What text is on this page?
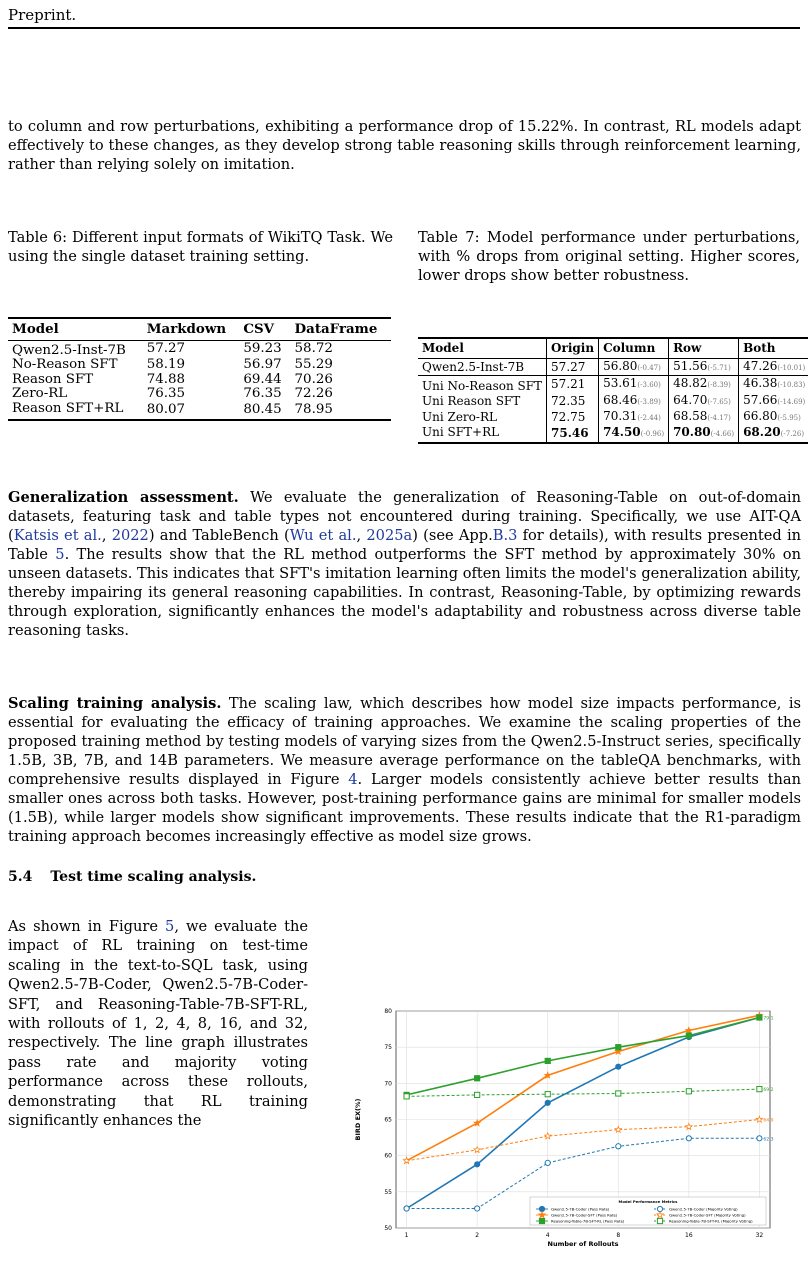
Preprint.

to column and row perturbations, exhibiting a performance drop of 15.22%. In contrast, RL models adapt effectively to these changes, as they develop strong table reasoning skills through reinforcement learning, rather than relying solely on imitation.

Table 6: Different input formats of WikiTQ Task. We using the single dataset training setting.
Model	Markdown	CSV	DataFrame
Qwen2.5-Inst-7B	57.27	59.23	58.72
No-Reason SFT	58.19	56.97	55.29
Reason SFT	74.88	69.44	70.26
Zero-RL	76.35	76.35	72.26
Reason SFT+RL	80.07	80.45	78.95
Table 7: Model performance under perturbations, with % drops from original setting. Higher scores, lower drops show better robustness.
Model	Origin	Column	Row	Both
Qwen2.5-Inst-7B	57.27	56.80(-0.47)	51.56(-5.71)	47.26(-10.01)
Uni No-Reason SFT	57.21	53.61(-3.60)	48.82(-8.39)	46.38(-10.83)
Uni Reason SFT	72.35	68.46(-3.89)	64.70(-7.65)	57.66(-14.69)
Uni Zero-RL	72.75	70.31(-2.44)	68.58(-4.17)	66.80(-5.95)
Uni SFT+RL	75.46	74.50(-0.96)	70.80(-4.66)	68.20(-7.26)

Generalization assessment. We evaluate the generalization of Reasoning-Table on out-of-domain datasets, featuring task and table types not encountered during training. Specifically, we use AIT-QA (Katsis et al., 2022) and TableBench (Wu et al., 2025a) (see App.B.3 for details), with results presented in Table 5. The results show that the RL method outperforms the SFT method by approximately 30% on unseen datasets. This indicates that SFT's imitation learning often limits the model's generalization ability, thereby impairing its general reasoning capabilities. In contrast, Reasoning-Table, by optimizing rewards through exploration, significantly enhances the model's adaptability and robustness across diverse table reasoning tasks.

Scaling training analysis. The scaling law, which describes how model size impacts performance, is essential for evaluating the efficacy of training approaches. We examine the scaling properties of the proposed training method by testing models of varying sizes from the Qwen2.5-Instruct series, specifically 1.5B, 3B, 7B, and 14B parameters. We measure average performance on the tableQA benchmarks, with comprehensive results displayed in Figure 4. Larger models consistently achieve better results than smaller ones across both tasks. However, post-training performance gains are minimal for smaller models (1.5B), while larger models show significant improvements. These results indicate that the R1-paradigm training approach becomes increasingly effective as model size grows.

5.4 Test time scaling analysis.

As shown in Figure 5, we evaluate the impact of RL training on test-time scaling in the text-to-SQL task, using Qwen2.5-7B-Coder, Qwen2.5-7B-Coder-SFT, and Reasoning-Table-7B-SFT-RL, with rollouts of 1, 2, 4, 8, 16, and 32, respectively. The line graph illustrates pass rate and majority voting performance across these rollouts, demonstrating that RL training significantly enhances the

50
55
60
65
70
75
80
1	2	4	8	16	32
Number of Rollouts
BIRD EX(%)
79.1
62.3
64.9
69.2
Model Performance Metrics
Qwen2.5-7B-Coder (Pass Rate)	Qwen2.5-7B-Coder (Majority Voting)
Qwen2.5-7B-Coder-SFT (Pass Rate)	Qwen2.5-7B-Coder-SFT (Majority Voting)
Reasoning-Table-7B-SFT-RL (Pass Rate)	Reasoning-Table-7B-SFT-RL (Majority Voting)
